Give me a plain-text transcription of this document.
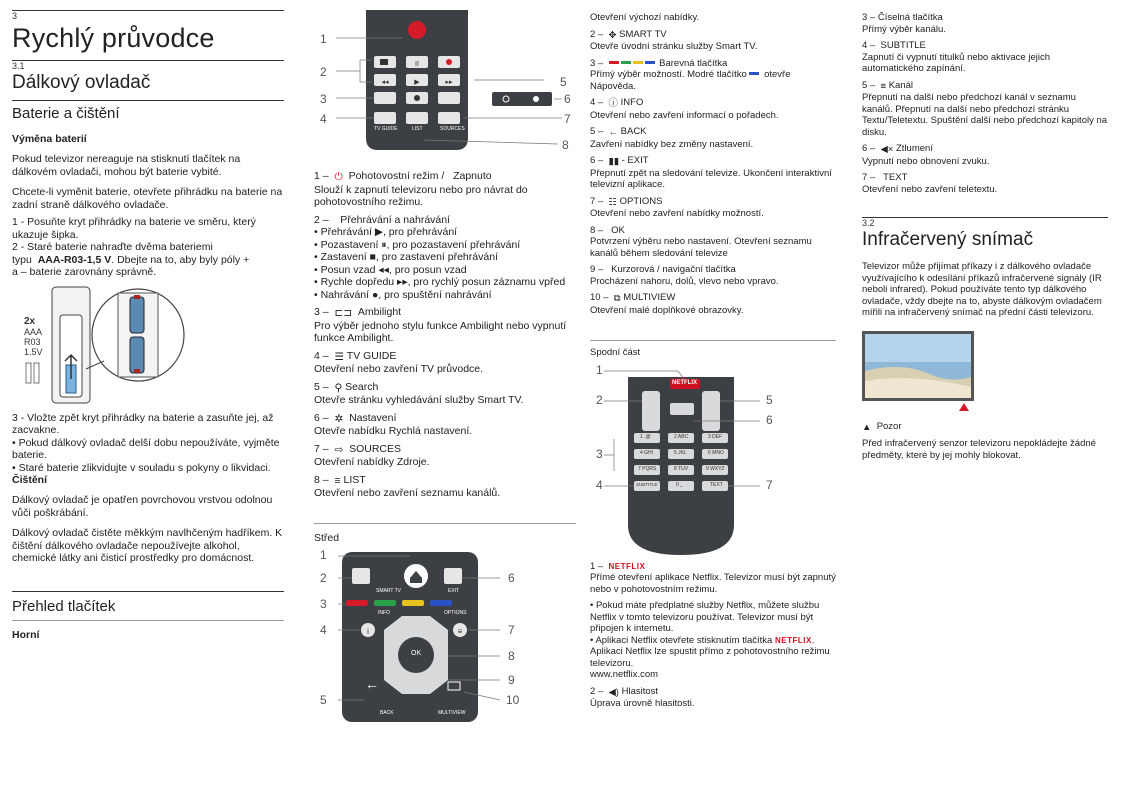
3

Rychlý průvodce

3.1

Dálkový ovladač
Baterie a čištění

Výměna baterií

Pokud televizor nereaguje na stisknutí tlačítek na dálkovém ovladači, mohou být baterie vybité.

Chcete-li vyměnit baterie, otevřete přihrádku na baterie na zadní straně dálkového ovladače.

1 - Posuňte kryt přihrádky na baterie ve směru, který ukazuje šipka.

2 - Staré baterie nahraďte dvěma bateriemi

typu AAA-R03-1,5 V. Dbejte na to, aby byly póly +

a – baterie zarovnány správně.

2x
AAA
R03
1.5V

3 - Vložte zpět kryt přihrádky na baterie a zasuňte jej, až zacvakne.

• Pokud dálkový ovladač delší dobu nepoužíváte, vyjměte baterie.

• Staré baterie zlikvidujte v souladu s pokyny o likvidaci.

Čištění

Dálkový ovladač je opatřen povrchovou vrstvou odolnou vůči poškrábání.

Dálkový ovladač čistěte měkkým navlhčeným hadříkem. K čištění dálkového ovladače nepoužívejte alkohol, chemické látky ani čisticí prostředky pro domácnost.

Přehled tlačítek

Horní

II
◂◂	▶	▸▸
1
2
3
4
5
6
7
8
TV GUIDE	LIST	SOURCES

1 –  ⏻ Pohotovostní režim / Zapnuto

Slouží k zapnutí televizoru nebo pro návrat do pohotovostního režimu.

2 –    Přehrávání a nahrávání

• Přehrávání ▶, pro přehrávání

• Pozastavení ⏸, pro pozastavení přehrávání

• Zastavení ■, pro zastavení přehrávání

• Posun vzad ◂◂, pro posun vzad

• Rychle dopředu ▸▸, pro rychlý posun záznamu vpřed

• Nahrávání ●, pro spuštění nahrávání

3 –  ⊏⊐ Ambilight

Pro výběr jednoho stylu funkce Ambilight nebo vypnutí funkce Ambilight.

4 –  ☰ TV GUIDE

Otevření nebo zavření TV průvodce.

5 –  ⚲ Search

Otevře stránku vyhledávání služby Smart TV.

6 –  ✲ Nastavení

Otevře nabídku Rychlá nastavení.

7 –  ⇨ SOURCES

Otevření nabídky Zdroje.

8 –  ≡ LIST

Otevření nebo zavření seznamu kanálů.

Střed

i	≡
←
SMART TV	EXIT
INFO	OPTIONS
OK
BACK	MULTIVIEW
1
2
3
4
5
6
7
8
9
10

Otevření výchozí nabídky.

2 –  ✥ SMART TV

Otevře úvodní stránku služby Smart TV.

3 –	Barevná tlačítka

Přímý výběr možností. Modré tlačítko otevře
Nápověda.

4 –  ⓘ INFO

Otevření nebo zavření informací o pořadech.

5 –  ← BACK

Zavření nabídky bez změny nastavení.

6 –  ▮▮ - EXIT

Přepnutí zpět na sledování televize. Ukončení interaktivní televizní aplikace.

7 –  ☷ OPTIONS

Otevření nebo zavření nabídky možností.

8 –   OK

Potvrzení výběru nebo nastavení. Otevření seznamu kanálů během sledování televize

9 –   Kurzorová / navigační tlačítka

Procházení nahoru, dolů, vlevo nebo vpravo.

10 –  ⧉ MULTIVIEW

Otevření malé doplňkové obrazovky.

Spodní část

NETFLIX
1 .@	2 ABC	3 DEF
4 GHI	5 JKL	6 MNO
7 PQRS	8 TUV	9 WXYZ
SUBTITLE	0 ⎵	TEXT
1
2
3
4
5
6
7

1 –  NETFLIX

Přímé otevření aplikace Netflix. Televizor musí být zapnutý nebo v pohotovostním režimu.

• Pokud máte předplatné služby Netflix, můžete službu Netflix v tomto televizoru používat. Televizor musí být připojen k internetu.

• Aplikaci Netflix otevřete stisknutím tlačítka NETFLIX. Aplikaci Netflix lze spustit přímo z pohotovostního režimu televizoru.

www.netflix.com

2 –  ◀) Hlasitost

Úprava úrovně hlasitosti.

3 – Číselná tlačítka

Přímý výběr kanálu.

4 –  SUBTITLE

Zapnutí či vypnutí titulků nebo aktivace jejich automatického zapínání.

5 –  ≡ Kanál

Přepnutí na další nebo předchozí kanál v seznamu kanálů. Přepnutí na další nebo předchozí stránku Textu/Teletextu. Spuštění další nebo předchozí kapitoly na disku.

6 –  ◀× Ztlumení

Vypnutí nebo obnovení zvuku.

7 –   TEXT

Otevření nebo zavření teletextu.

3.2

Infračervený snímač

Televizor může přijímat příkazy i z dálkového ovladače využívajícího k odesílání příkazů infračervené signály (IR neboli infrared). Pokud používáte tento typ dálkového ovladače, vždy dbejte na to, abyste dálkovým ovladačem mířili na infračervený snímač na přední části televizoru.

▲ Pozor

Před infračervený senzor televizoru nepokládejte žádné předměty, které by jej mohly blokovat.
